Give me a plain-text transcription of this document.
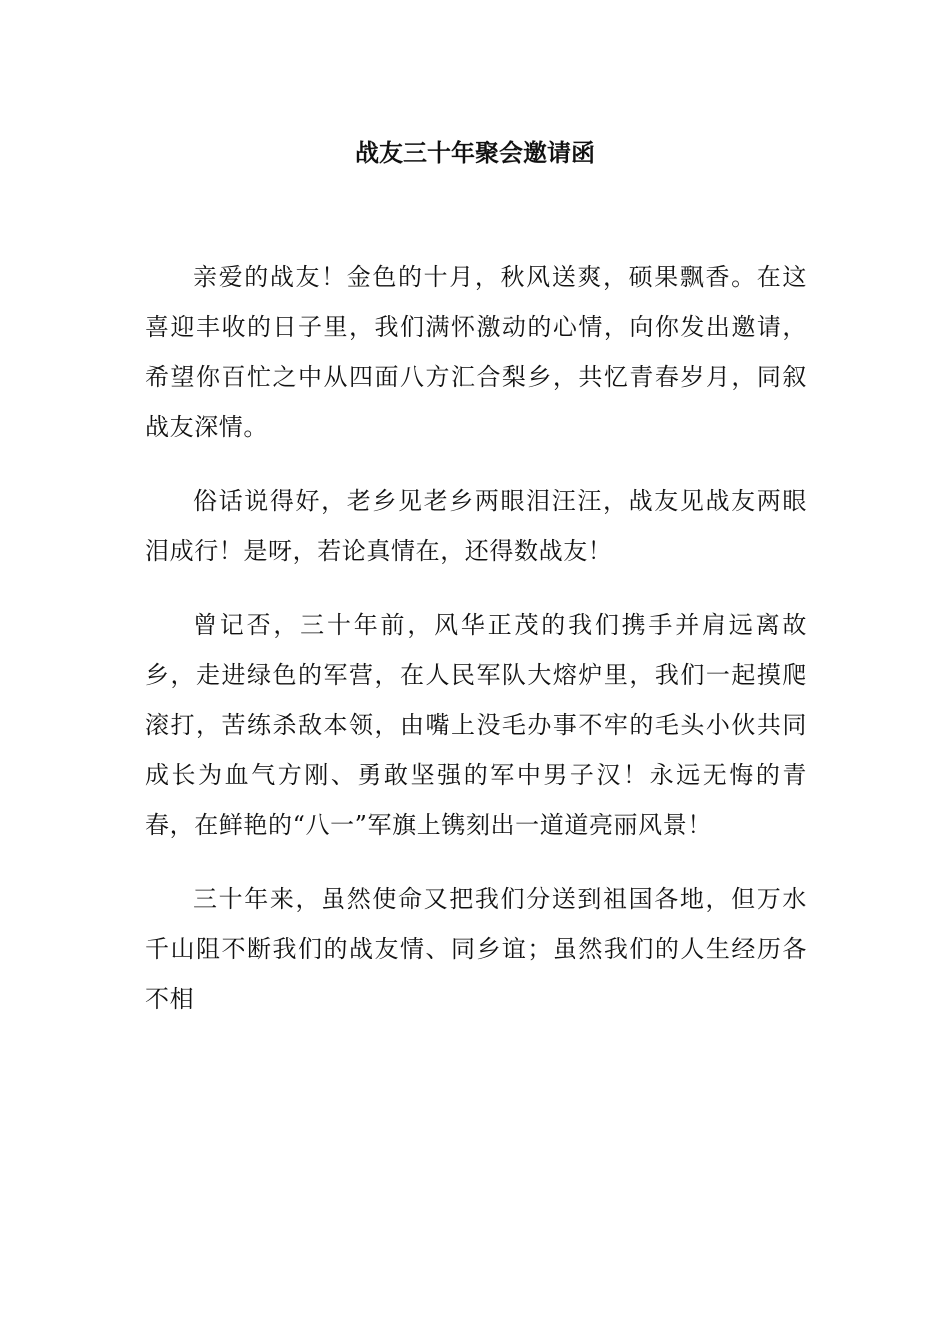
战友三十年聚会邀请函

亲爱的战友！金色的十月，秋风送爽，硕果飘香。在这喜迎丰收的日子里，我们满怀激动的心情，向你发出邀请，希望你百忙之中从四面八方汇合梨乡，共忆青春岁月，同叙战友深情。

俗话说得好，老乡见老乡两眼泪汪汪，战友见战友两眼泪成行！是呀，若论真情在，还得数战友！

曾记否，三十年前，风华正茂的我们携手并肩远离故乡，走进绿色的军营，在人民军队大熔炉里，我们一起摸爬滚打，苦练杀敌本领，由嘴上没毛办事不牢的毛头小伙共同成长为血气方刚、勇敢坚强的军中男子汉！永远无悔的青春，在鲜艳的“八一”军旗上镌刻出一道道亮丽风景！

三十年来，虽然使命又把我们分送到祖国各地，但万水千山阻不断我们的战友情、同乡谊；虽然我们的人生经历各不相
